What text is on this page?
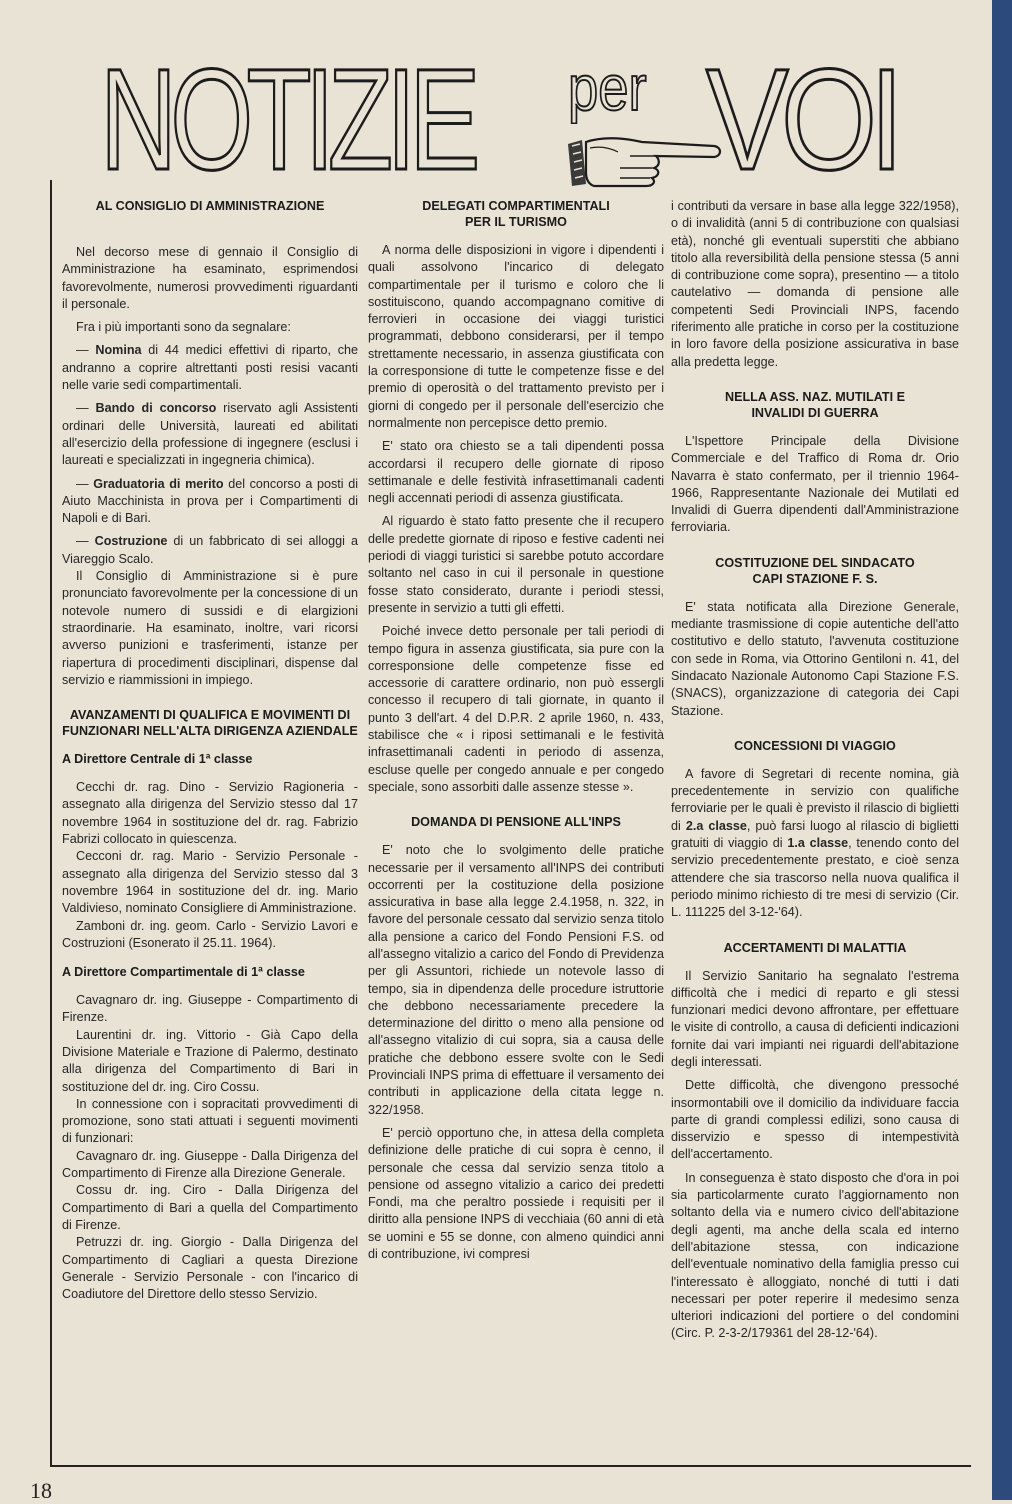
NOTIZIE per VOI
AL CONSIGLIO DI AMMINISTRAZIONE

Nel decorso mese di gennaio il Consiglio di Amministrazione ha esaminato, esprimendosi favorevolmente, numerosi provvedimenti riguardanti il personale.

Fra i più importanti sono da segnalare:

— Nomina di 44 medici effettivi di riparto, che andranno a coprire altrettanti posti resisi vacanti nelle varie sedi compartimentali.

— Bando di concorso riservato agli Assistenti ordinari delle Università, laureati ed abilitati all'esercizio della professione di ingegnere (esclusi i laureati e specializzati in ingegneria chimica).

— Graduatoria di merito del concorso a posti di Aiuto Macchinista in prova per i Compartimenti di Napoli e di Bari.

— Costruzione di un fabbricato di sei alloggi a Viareggio Scalo.

Il Consiglio di Amministrazione si è pure pronunciato favorevolmente per la concessione di un notevole numero di sussidi e di elargizioni straordinarie. Ha esaminato, inoltre, vari ricorsi avverso punizioni e trasferimenti, istanze per riapertura di procedimenti disciplinari, dispense dal servizio e riammissioni in impiego.

AVANZAMENTI DI QUALIFICA E MOVIMENTI DI FUNZIONARI NELL'ALTA DIRIGENZA AZIENDALE
A Direttore Centrale di 1ª classe

Cecchi dr. rag. Dino - Servizio Ragioneria - assegnato alla dirigenza del Servizio stesso dal 17 novembre 1964 in sostituzione del dr. rag. Fabrizio Fabrizi collocato in quiescenza.

Cecconi dr. rag. Mario - Servizio Personale - assegnato alla dirigenza del Servizio stesso dal 3 novembre 1964 in sostituzione del dr. ing. Mario Valdivieso, nominato Consigliere di Amministrazione.

Zamboni dr. ing. geom. Carlo - Servizio Lavori e Costruzioni (Esonerato il 25.11. 1964).

A Direttore Compartimentale di 1ª classe

Cavagnaro dr. ing. Giuseppe - Compartimento di Firenze.

Laurentini dr. ing. Vittorio - Già Capo della Divisione Materiale e Trazione di Palermo, destinato alla dirigenza del Compartimento di Bari in sostituzione del dr. ing. Ciro Cossu.

In connessione con i sopracitati provvedimenti di promozione, sono stati attuati i seguenti movimenti di funzionari:

Cavagnaro dr. ing. Giuseppe - Dalla Dirigenza del Compartimento di Firenze alla Direzione Generale.

Cossu dr. ing. Ciro - Dalla Dirigenza del Compartimento di Bari a quella del Compartimento di Firenze.

Petruzzi dr. ing. Giorgio - Dalla Dirigenza del Compartimento di Cagliari a questa Direzione Generale - Servizio Personale - con l'incarico di Coadiutore del Direttore dello stesso Servizio.

DELEGATI COMPARTIMENTALI PER IL TURISMO

A norma delle disposizioni in vigore i dipendenti i quali assolvono l'incarico di delegato compartimentale per il turismo e coloro che li sostituiscono, quando accompagnano comitive di ferrovieri in occasione dei viaggi turistici programmati, debbono considerarsi, per il tempo strettamente necessario, in assenza giustificata con la corresponsione di tutte le competenze fisse e del premio di operosità o del trattamento previsto per i giorni di congedo per il personale dell'esercizio che normalmente non percepisce detto premio.

E' stato ora chiesto se a tali dipendenti possa accordarsi il recupero delle giornate di riposo settimanale e delle festività infrasettimanali cadenti negli accennati periodi di assenza giustificata.

Al riguardo è stato fatto presente che il recupero delle predette giornate di riposo e festive cadenti nei periodi di viaggi turistici si sarebbe potuto accordare soltanto nel caso in cui il personale in questione fosse stato considerato, durante i periodi stessi, presente in servizio a tutti gli effetti.

Poiché invece detto personale per tali periodi di tempo figura in assenza giustificata, sia pure con la corresponsione delle competenze fisse ed accessorie di carattere ordinario, non può essergli concesso il recupero di tali giornate, in quanto il punto 3 dell'art. 4 del D.P.R. 2 aprile 1960, n. 433, stabilisce che « i riposi settimanali e le festività infrasettimanali cadenti in periodo di assenza, escluse quelle per congedo annuale e per congedo speciale, sono assorbiti dalle assenze stesse ».

DOMANDA DI PENSIONE ALL'INPS

E' noto che lo svolgimento delle pratiche necessarie per il versamento all'INPS dei contributi occorrenti per la costituzione della posizione assicurativa in base alla legge 2.4.1958, n. 322, in favore del personale cessato dal servizio senza titolo alla pensione a carico del Fondo Pensioni F.S. od all'assegno vitalizio a carico del Fondo di Previdenza per gli Assuntori, richiede un notevole lasso di tempo, sia in dipendenza delle procedure istruttorie che debbono necessariamente precedere la determinazione del diritto o meno alla pensione od all'assegno vitalizio di cui sopra, sia a causa delle pratiche che debbono essere svolte con le Sedi Provinciali INPS prima di effettuare il versamento dei contributi in applicazione della citata legge n. 322/1958.

E' perciò opportuno che, in attesa della completa definizione delle pratiche di cui sopra è cenno, il personale che cessa dal servizio senza titolo a pensione od assegno vitalizio a carico dei predetti Fondi, ma che peraltro possiede i requisiti per il diritto alla pensione INPS di vecchiaia (60 anni di età se uomini e 55 se donne, con almeno quindici anni di contribuzione, ivi compresi

i contributi da versare in base alla legge 322/1958), o di invalidità (anni 5 di contribuzione con qualsiasi età), nonché gli eventuali superstiti che abbiano titolo alla reversibilità della pensione stessa (5 anni di contribuzione come sopra), presentino — a titolo cautelativo — domanda di pensione alle competenti Sedi Provinciali INPS, facendo riferimento alle pratiche in corso per la costituzione in loro favore della posizione assicurativa in base alla predetta legge.

NELLA ASS. NAZ. MUTILATI E INVALIDI DI GUERRA

L'Ispettore Principale della Divisione Commerciale e del Traffico di Roma dr. Orio Navarra è stato confermato, per il triennio 1964-1966, Rappresentante Nazionale dei Mutilati ed Invalidi di Guerra dipendenti dall'Amministrazione ferroviaria.

COSTITUZIONE DEL SINDACATO CAPI STAZIONE F. S.

E' stata notificata alla Direzione Generale, mediante trasmissione di copie autentiche dell'atto costitutivo e dello statuto, l'avvenuta costituzione con sede in Roma, via Ottorino Gentiloni n. 41, del Sindacato Nazionale Autonomo Capi Stazione F.S. (SNACS), organizzazione di categoria dei Capi Stazione.

CONCESSIONI DI VIAGGIO

A favore di Segretari di recente nomina, già precedentemente in servizio con qualifiche ferroviarie per le quali è previsto il rilascio di biglietti di 2.a classe, può farsi luogo al rilascio di biglietti gratuiti di viaggio di 1.a classe, tenendo conto del servizio precedentemente prestato, e cioè senza attendere che sia trascorso nella nuova qualifica il periodo minimo richiesto di tre mesi di servizio (Cir. L. 111225 del 3-12-'64).

ACCERTAMENTI DI MALATTIA

Il Servizio Sanitario ha segnalato l'estrema difficoltà che i medici di reparto e gli stessi funzionari medici devono affrontare, per effettuare le visite di controllo, a causa di deficienti indicazioni fornite dai vari impianti nei riguardi dell'abitazione degli interessati.

Dette difficoltà, che divengono pressoché insormontabili ove il domicilio da individuare faccia parte di grandi complessi edilizi, sono causa di disservizio e spesso di intempestività dell'accertamento.

In conseguenza è stato disposto che d'ora in poi sia particolarmente curato l'aggiornamento non soltanto della via e numero civico dell'abitazione degli agenti, ma anche della scala ed interno dell'abitazione stessa, con indicazione dell'eventuale nominativo della famiglia presso cui l'interessato è alloggiato, nonché di tutti i dati necessari per poter reperire il medesimo senza ulteriori indicazioni del portiere o del condomini (Circ. P. 2-3-2/179361 del 28-12-'64).

18
